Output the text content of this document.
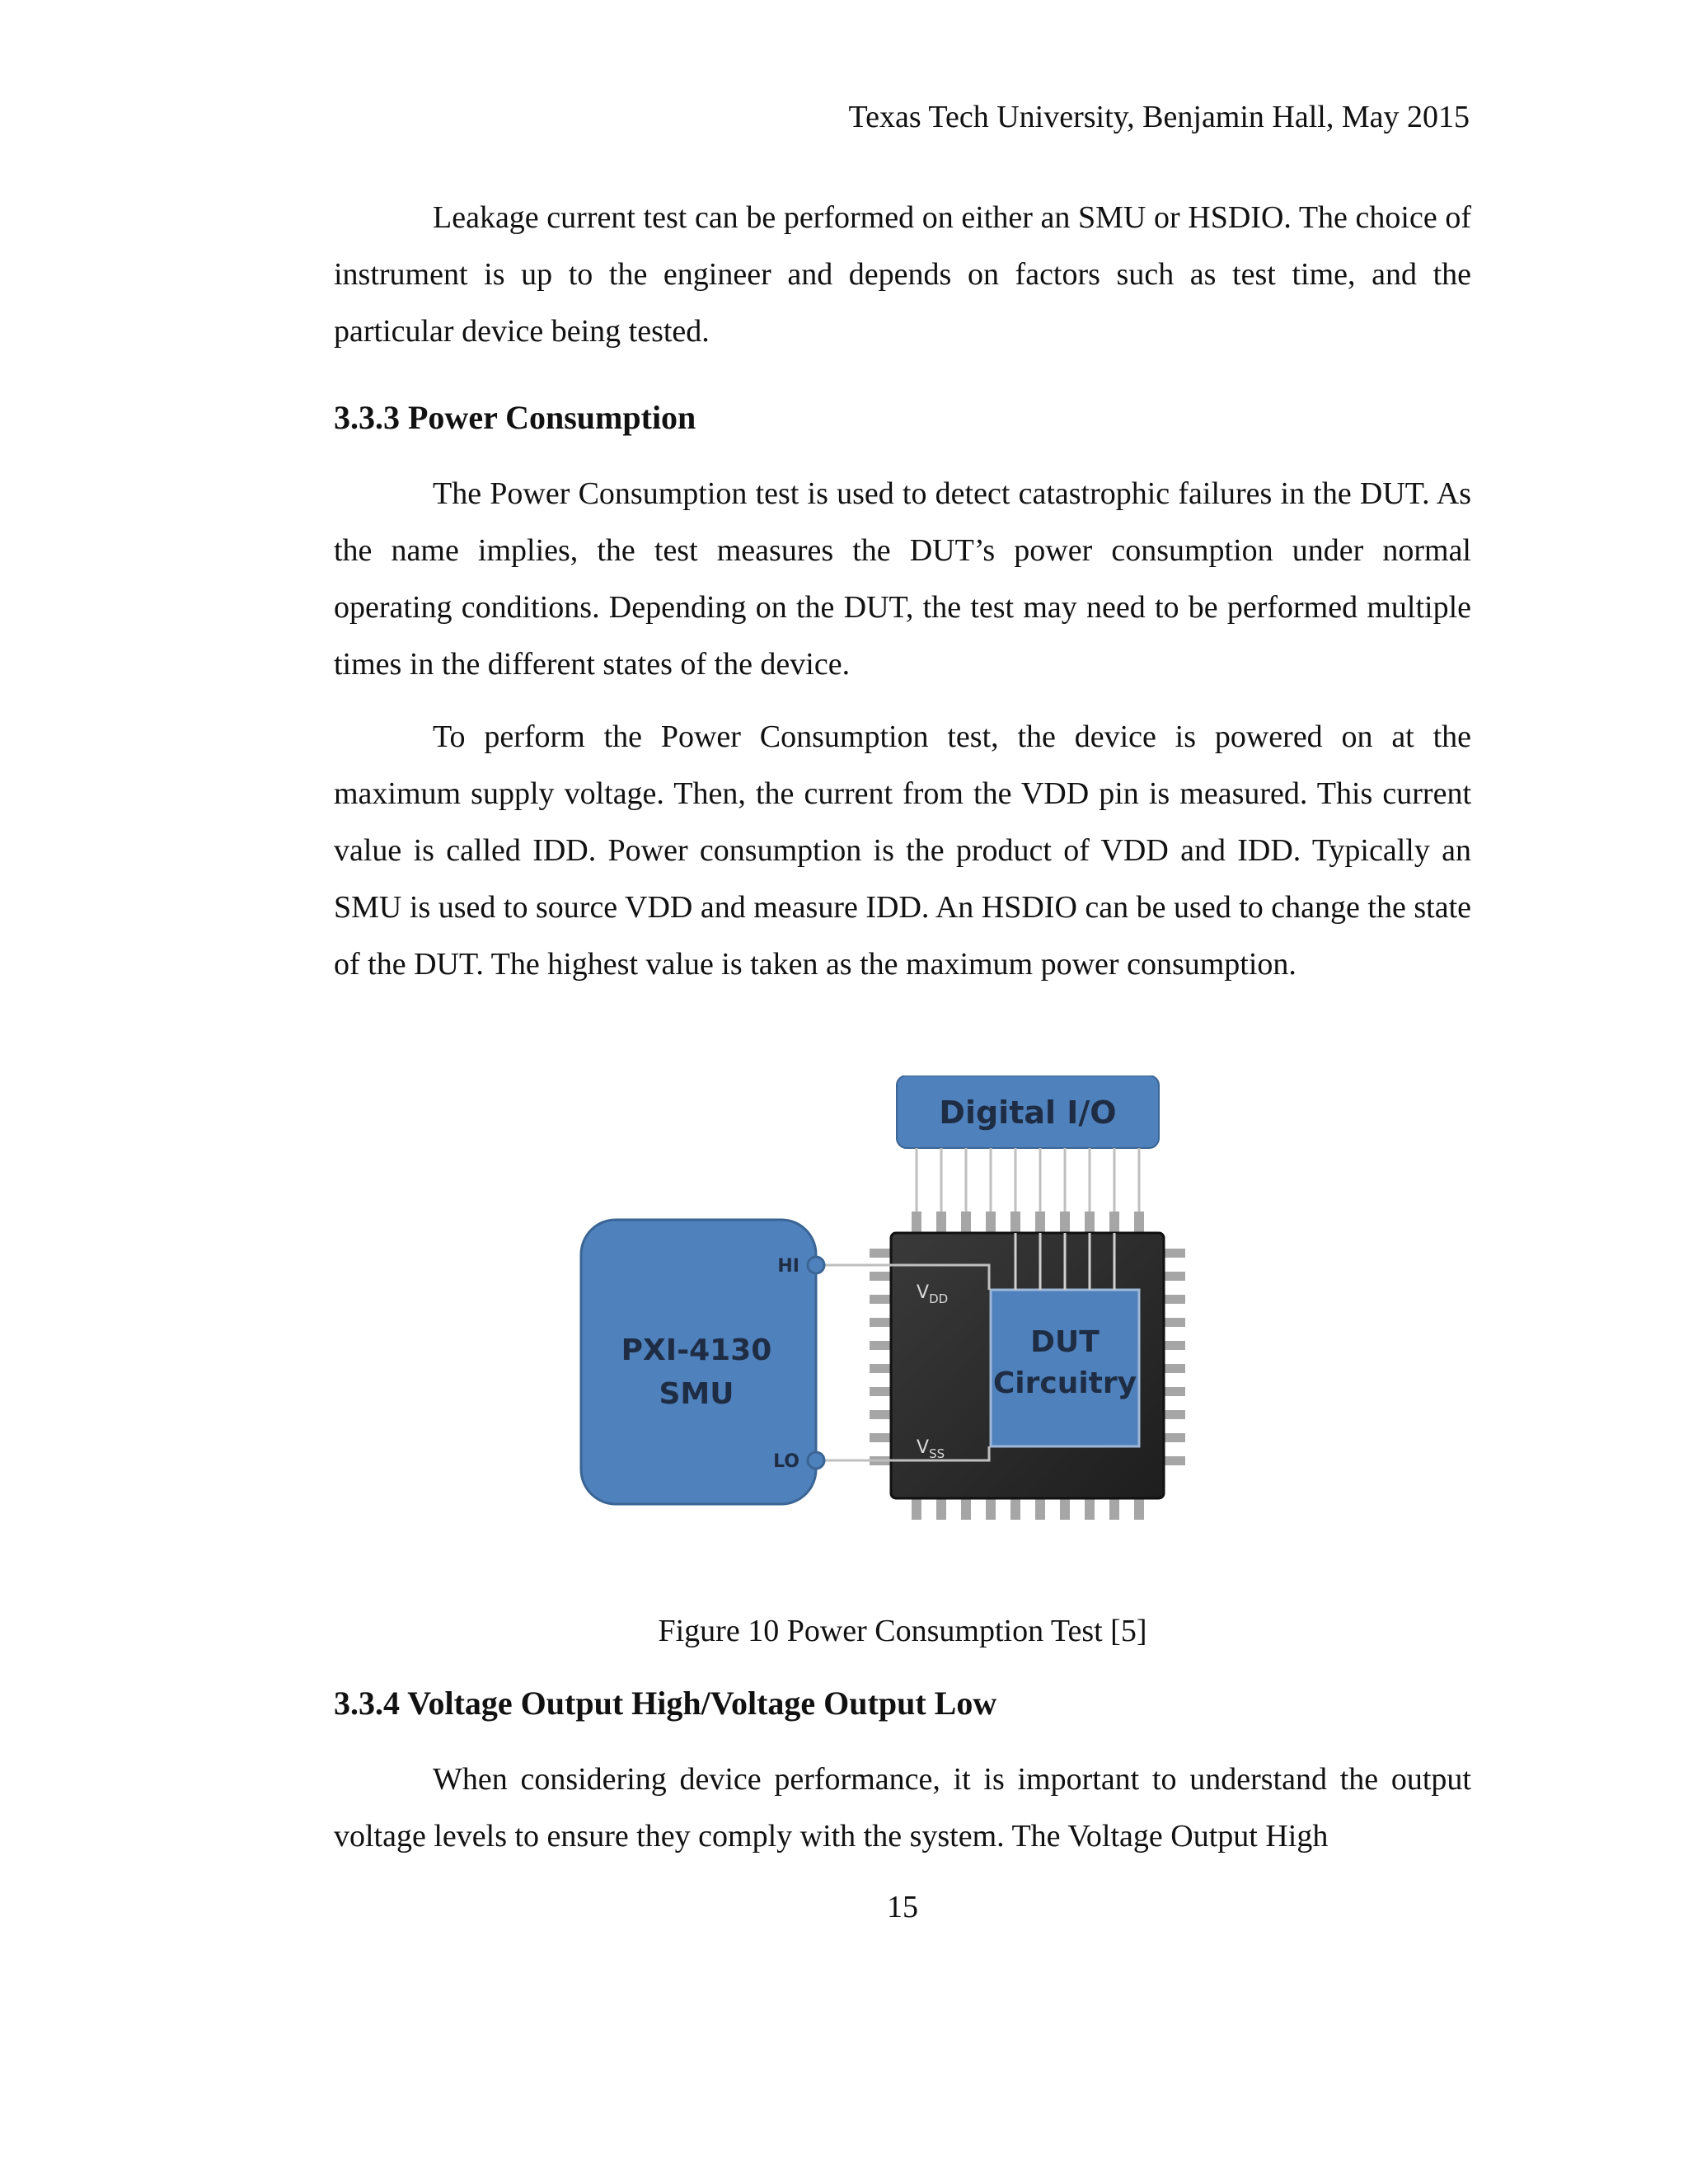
Texas Tech University, Benjamin Hall, May 2015

Leakage current test can be performed on either an SMU or HSDIO. The choice of instrument is up to the engineer and depends on factors such as test time, and the particular device being tested.

3.3.3 Power Consumption

The Power Consumption test is used to detect catastrophic failures in the DUT. As the name implies, the test measures the DUT’s power consumption under normal operating conditions. Depending on the DUT, the test may need to be performed multiple times in the different states of the device.

To perform the Power Consumption test, the device is powered on at the maximum supply voltage. Then, the current from the VDD pin is measured. This current value is called IDD. Power consumption is the product of VDD and IDD. Typically an SMU is used to source VDD and measure IDD. An HSDIO can be used to change the state of the DUT. The highest value is taken as the maximum power consumption.

Digital I/O
DUT
Circuitry
$V_{DD}$
$V_{SS}$
PXI-4130
SMU
HI
LO
Figure 10 Power Consumption Test [5]
3.3.4 Voltage Output High/Voltage Output Low

When considering device performance, it is important to understand the output voltage levels to ensure they comply with the system. The Voltage Output High

15
